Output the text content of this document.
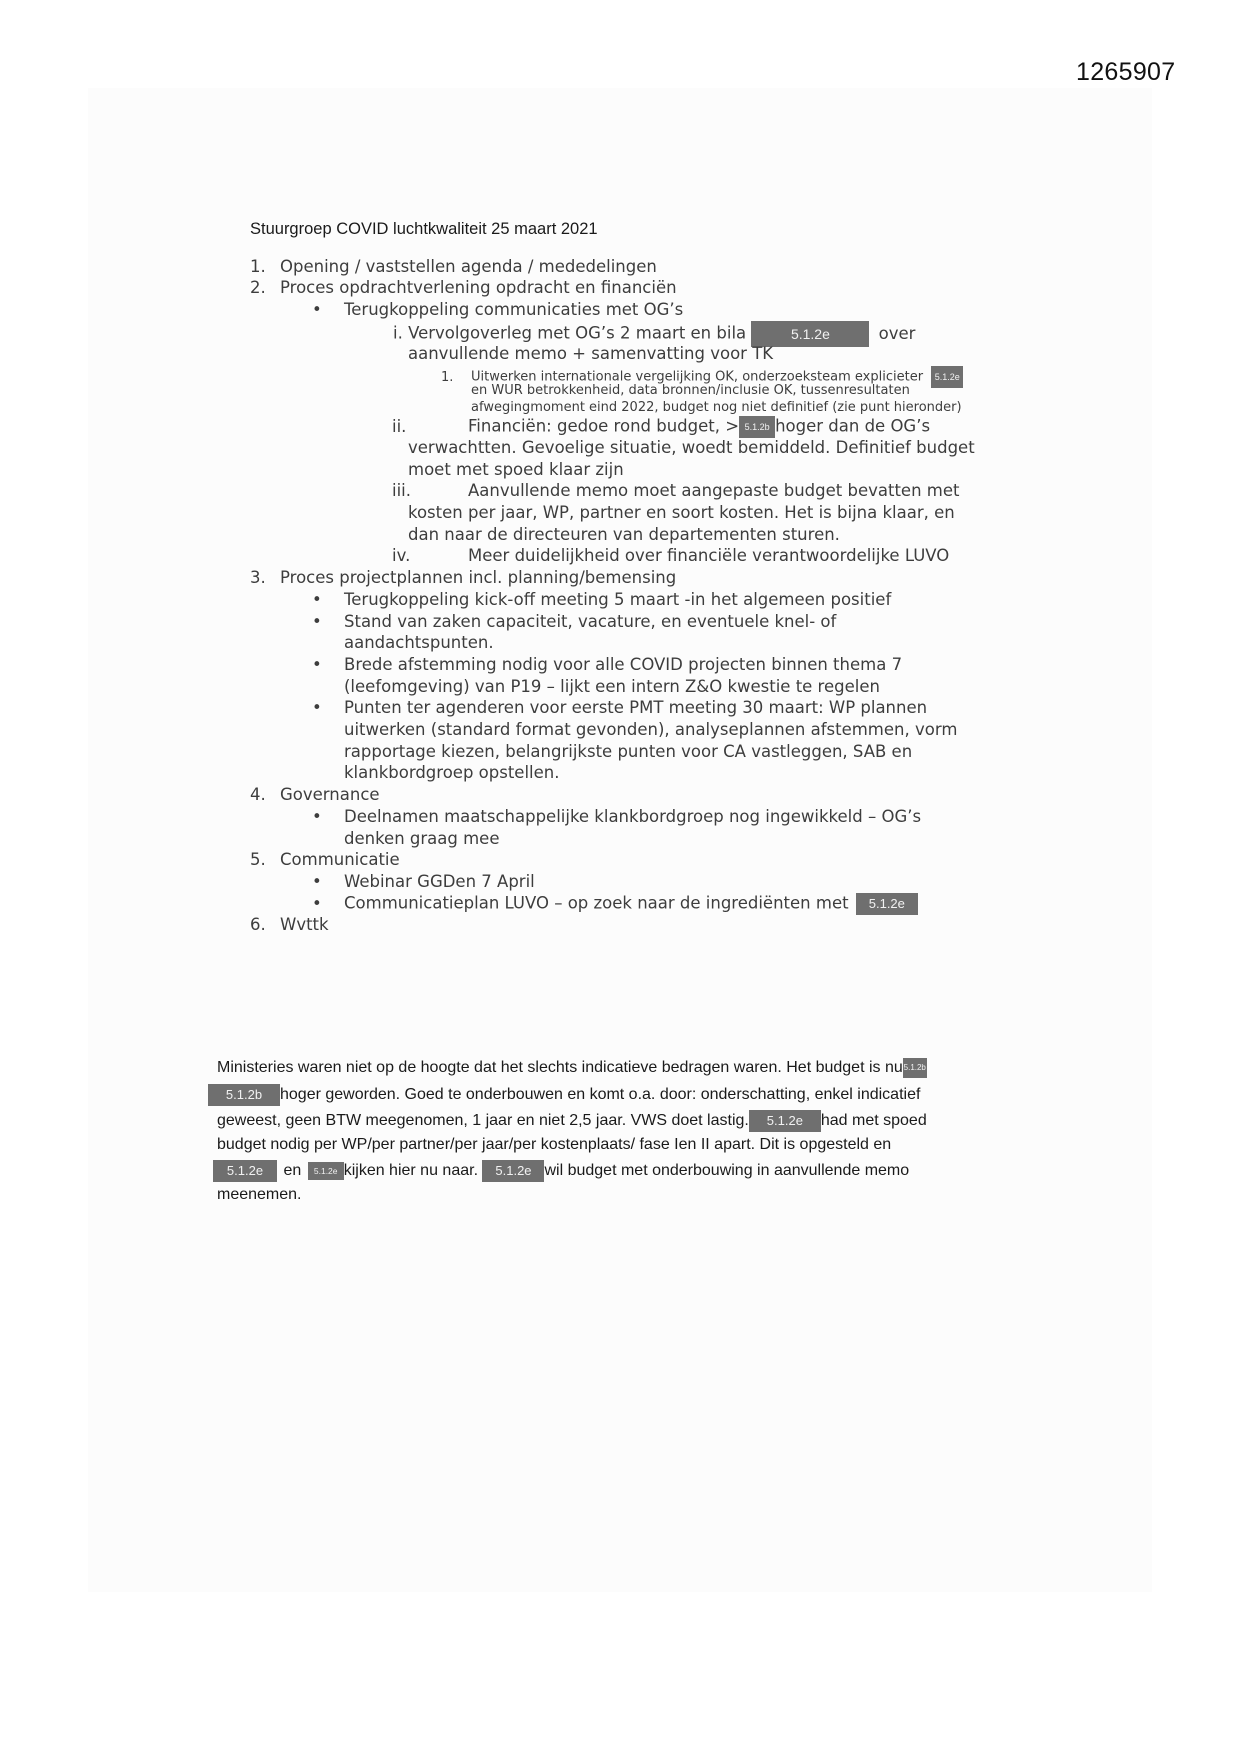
1265907
Stuurgroep COVID luchtkwaliteit 25 maart 2021
1. Opening / vaststellen agenda / mededelingen
2. Proces opdrachtverlening opdracht en financiën
• Terugkoppeling communicaties met OG’s
i. Vervolgoverleg met OG’s 2 maart en bila	5.1.2e	over
aanvullende memo + samenvatting voor TK
1. Uitwerken internationale vergelijking OK, onderzoeksteam explicieter 5.1.2e
en WUR betrokkenheid, data bronnen/inclusie OK, tussenresultaten
afwegingmoment eind 2022, budget nog niet definitief (zie punt hieronder)
ii.	Financiën: gedoe rond budget, > 5.1.2b hoger dan de OG’s
verwachtten. Gevoelige situatie, woedt bemiddeld. Definitief budget
moet met spoed klaar zijn
iii.	Aanvullende memo moet aangepaste budget bevatten met
kosten per jaar, WP, partner en soort kosten. Het is bijna klaar, en
dan naar de directeuren van departementen sturen.
iv.	Meer duidelijkheid over financiële verantwoordelijke LUVO
3. Proces projectplannen incl. planning/bemensing
• Terugkoppeling kick-off meeting 5 maart -in het algemeen positief
• Stand van zaken capaciteit, vacature, en eventuele knel- of
aandachtspunten.
• Brede afstemming nodig voor alle COVID projecten binnen thema 7
(leefomgeving) van P19 – lijkt een intern Z&O kwestie te regelen
• Punten ter agenderen voor eerste PMT meeting 30 maart: WP plannen
uitwerken (standard format gevonden), analyseplannen afstemmen, vorm
rapportage kiezen, belangrijkste punten voor CA vastleggen, SAB en
klankbordgroep opstellen.
4. Governance
• Deelnamen maatschappelijke klankbordgroep nog ingewikkeld – OG’s
denken graag mee
5. Communicatie
• Webinar GGDen 7 April
• Communicatieplan LUVO – op zoek naar de ingrediënten met 5.1.2e
6. Wvttk
Ministeries waren niet op de hoogte dat het slechts indicatieve bedragen waren. Het budget is nu5.1.2b
5.1.2b hoger geworden. Goed te onderbouwen en komt o.a. door: onderschatting, enkel indicatief
geweest, geen BTW meegenomen, 1 jaar en niet 2,5 jaar. VWS doet lastig. 5.1.2e had met spoed
budget nodig per WP/per partner/per jaar/per kostenplaats/ fase Ien II apart. Dit is opgesteld en
5.1.2e en 5.1.2e kijken hier nu naar. 5.1.2e wil budget met onderbouwing in aanvullende memo
meenemen.
